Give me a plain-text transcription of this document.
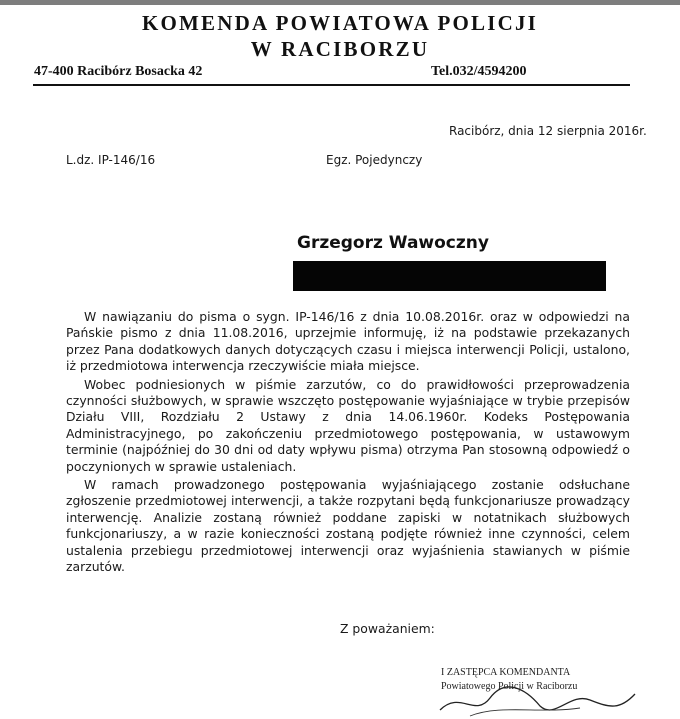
KOMENDA POWIATOWA POLICJI
W RACIBORZU
47-400 Racibórz Bosacka 42	Tel.032/4594200
Racibórz, dnia 12 sierpnia 2016r.
L.dz. IP-146/16	Egz. Pojedynczy
Grzegorz Wawoczny

W nawiązaniu do pisma o sygn. IP-146/16 z dnia 10.08.2016r. oraz w odpowiedzi na Pańskie pismo z dnia 11.08.2016, uprzejmie informuję, iż na podstawie przekazanych przez Pana dodatkowych danych dotyczących czasu i miejsca interwencji Policji, ustalono, iż przedmiotowa interwencja rzeczywiście miała miejsce.

Wobec podniesionych w piśmie zarzutów, co do prawidłowości przeprowadzenia czynności służbowych, w sprawie wszczęto postępowanie wyjaśniające w trybie przepisów Działu VIII, Rozdziału 2 Ustawy z dnia 14.06.1960r. Kodeks Postępowania Administracyjnego, po zakończeniu przedmiotowego postępowania, w ustawowym terminie (najpóźniej do 30 dni od daty wpływu pisma) otrzyma Pan stosowną odpowiedź o poczynionych w sprawie ustaleniach.

W ramach prowadzonego postępowania wyjaśniającego zostanie odsłuchane zgłoszenie przedmiotowej interwencji, a także rozpytani będą funkcjonariusze prowadzący interwencję. Analizie zostaną również poddane zapiski w notatnikach służbowych funkcjonariuszy, a w razie konieczności zostaną podjęte również inne czynności, celem ustalenia przebiegu przedmiotowej interwencji oraz wyjaśnienia stawianych w piśmie zarzutów.

Z poważaniem:
I ZASTĘPCA KOMENDANTA
Powiatowego Policji w Raciborzu
